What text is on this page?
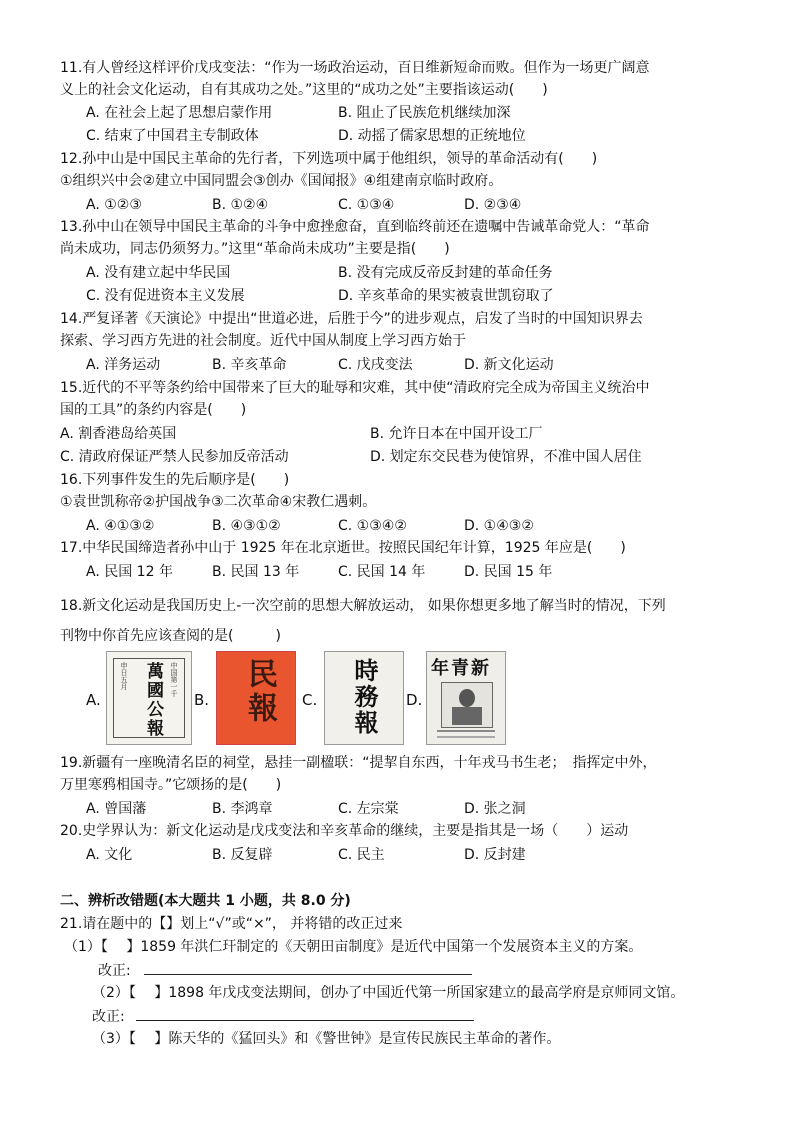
11.有人曾经这样评价戊戌变法：“作为一场政治运动，百日维新短命而败。但作为一场更广阔意
义上的社会文化运动，自有其成功之处。”这里的“成功之处”主要指该运动(　　)
A. 在社会上起了思想启蒙作用	B. 阻止了民族危机继续加深
C. 结束了中国君主专制政体	D. 动摇了儒家思想的正统地位
12.孙中山是中国民主革命的先行者，下列选项中属于他组织，领导的革命活动有(　　)
①组织兴中会②建立中国同盟会③创办《国闻报》④组建南京临时政府。
A. ①②③	B. ①②④	C. ①③④	D. ②③④
13.孙中山在领导中国民主革命的斗争中愈挫愈奋，直到临终前还在遗嘱中告诫革命党人：“革命
尚未成功，同志仍须努力。”这里“革命尚未成功”主要是指(　　)
A. 没有建立起中华民国	B. 没有完成反帝反封建的革命任务
C. 没有促进资本主义发展	D. 辛亥革命的果实被袁世凯窃取了
14.严复译著《天演论》中提出“世道必进，后胜于今”的进步观点，启发了当时的中国知识界去
探索、学习西方先进的社会制度。近代中国从制度上学习西方始于
A. 洋务运动	B. 辛亥革命	C. 戊戌变法	D. 新文化运动
15.近代的不平等条约给中国带来了巨大的耻辱和灾难，其中使“清政府完全成为帝国主义统治中
国的工具”的条约内容是(　　)
A. 割香港岛给英国	B. 允许日本在中国开设工厂
C. 清政府保证严禁人民参加反帝活动	D. 划定东交民巷为使馆界，不准中国人居住
16.下列事件发生的先后顺序是(　　)
①袁世凯称帝②护国战争③二次革命④宋教仁遇刺。
A. ④①③②	B. ④③①②	C. ①③④②	D. ①④③②
17.中华民国缔造者孙中山于 1925 年在北京逝世。按照民国纪年计算，1925 年应是(　　)
A. 民国 12 年	B. 民国 13 年	C. 民国 14 年	D. 民国 15 年
18.新文化运动是我国历史上-一次空前的思想大解放运动， 如果你想更多地了解当时的情况，下列
刊物中你首先应该查阅的是(　　　)
A. 萬國公報	中国第一千
申日五月
B. 民報 C. 時務報 D.
年青新
19.新疆有一座晚清名臣的祠堂，悬挂一副楹联：“提挈自东西，十年戎马书生老；　指挥定中外，
万里寒鸦相国寺。”它颂扬的是(　　)
A. 曾国藩	B. 李鸿章	C. 左宗棠	D. 张之洞
20.史学界认为：新文化运动是戊戌变法和辛亥革命的继续，主要是指其是一场（　　）运动
A. 文化	B. 反复辟	C. 民主	D. 反封建
二、辨析改错题(本大题共 1 小题，共 8.0 分)
21.请在题中的【】划上“√”或“×”， 并将错的改正过来
（1）【　 】1859 年洪仁玕制定的《天朝田亩制度》是近代中国第一个发展资本主义的方案。
改正:
（2）【　 】1898 年戊戌变法期间，创办了中国近代第一所国家建立的最高学府是京师同文馆。
改正:
（3）【　 】陈天华的《猛回头》和《警世钟》是宣传民族民主革命的著作。
